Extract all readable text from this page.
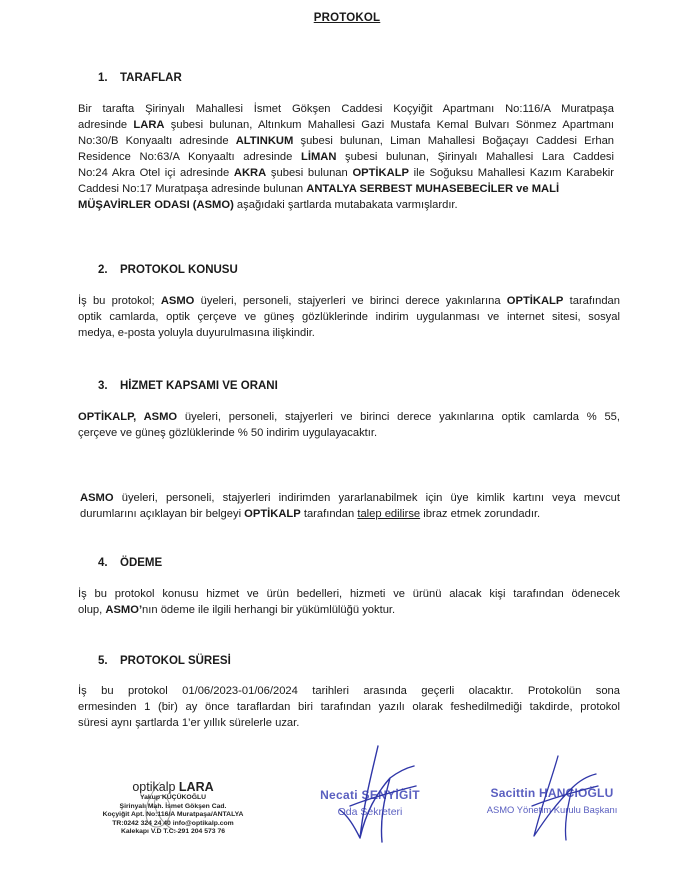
PROTOKOL
1. TARAFLAR
Bir tarafta Şirinyalı Mahallesi İsmet Gökşen Caddesi Koçyiğit Apartmanı No:116/A Muratpaşa
adresinde LARA şubesi bulunan, Altınkum Mahallesi Gazi Mustafa Kemal Bulvarı Sönmez Apartmanı
No:30/B Konyaaltı adresinde ALTINKUM şubesi bulunan, Liman Mahallesi Boğaçayı Caddesi Erhan
Residence No:63/A Konyaaltı adresinde LİMAN şubesi bulunan, Şirinyalı Mahallesi Lara Caddesi
No:24 Akra Otel içi adresinde AKRA şubesi bulunan OPTİKALP ile Soğuksu Mahallesi Kazım Karabekir
Caddesi No:17 Muratpaşa adresinde bulunan ANTALYA SERBEST MUHASEBECİLER ve MALİ
MÜŞAVİRLER ODASI (ASMO) aşağıdaki şartlarda mutabakata varmışlardır.
2. PROTOKOL KONUSU
İş bu protokol; ASMO üyeleri, personeli, stajyerleri ve birinci derece yakınlarına OPTİKALP tarafından
optik camlarda, optik çerçeve ve güneş gözlüklerinde indirim uygulanması ve internet sitesi, sosyal
medya, e-posta yoluyla duyurulmasına ilişkindir.
3. HİZMET KAPSAMI VE ORANI
OPTİKALP, ASMO üyeleri, personeli, stajyerleri ve birinci derece yakınlarına optik camlarda % 55,
çerçeve ve güneş gözlüklerinde % 50 indirim uygulayacaktır.
ASMO üyeleri, personeli, stajyerleri indirimden yararlanabilmek için üye kimlik kartını veya mevcut
durumlarını açıklayan bir belgeyi OPTİKALP tarafından talep edilirse ibraz etmek zorundadır.
4. ÖDEME
İş bu protokol konusu hizmet ve ürün bedelleri, hizmeti ve ürünü alacak kişi tarafından ödenecek
olup, ASMO’nın ödeme ile ilgili herhangi bir yükümlülüğü yoktur.
5. PROTOKOL SÜRESİ
İş bu protokol 01/06/2023-01/06/2024 tarihleri arasında geçerli olacaktır. Protokolün sona
ermesinden 1 (bir) ay önce taraflardan biri tarafından yazılı olarak feshedilmediği takdirde, protokol
süresi aynı şartlarda 1’er yıllık sürelerle uzar.
optikalp LARA
Yakup KÜÇÜKOĞLU
Şirinyalı Mah. İsmet Gökşen Cad.
Koçyiğit Apt. No:116/A Muratpaşa/ANTALYA
TR:0242 324 24 40 info@optikalp.com
Kalekapı V.D T.C: 291 204 573 76
Necati ŞENYİĞİT
Oda Sekreteri
Sacittin HANCIOĞLU
ASMO Yönetim Kurulu Başkanı
